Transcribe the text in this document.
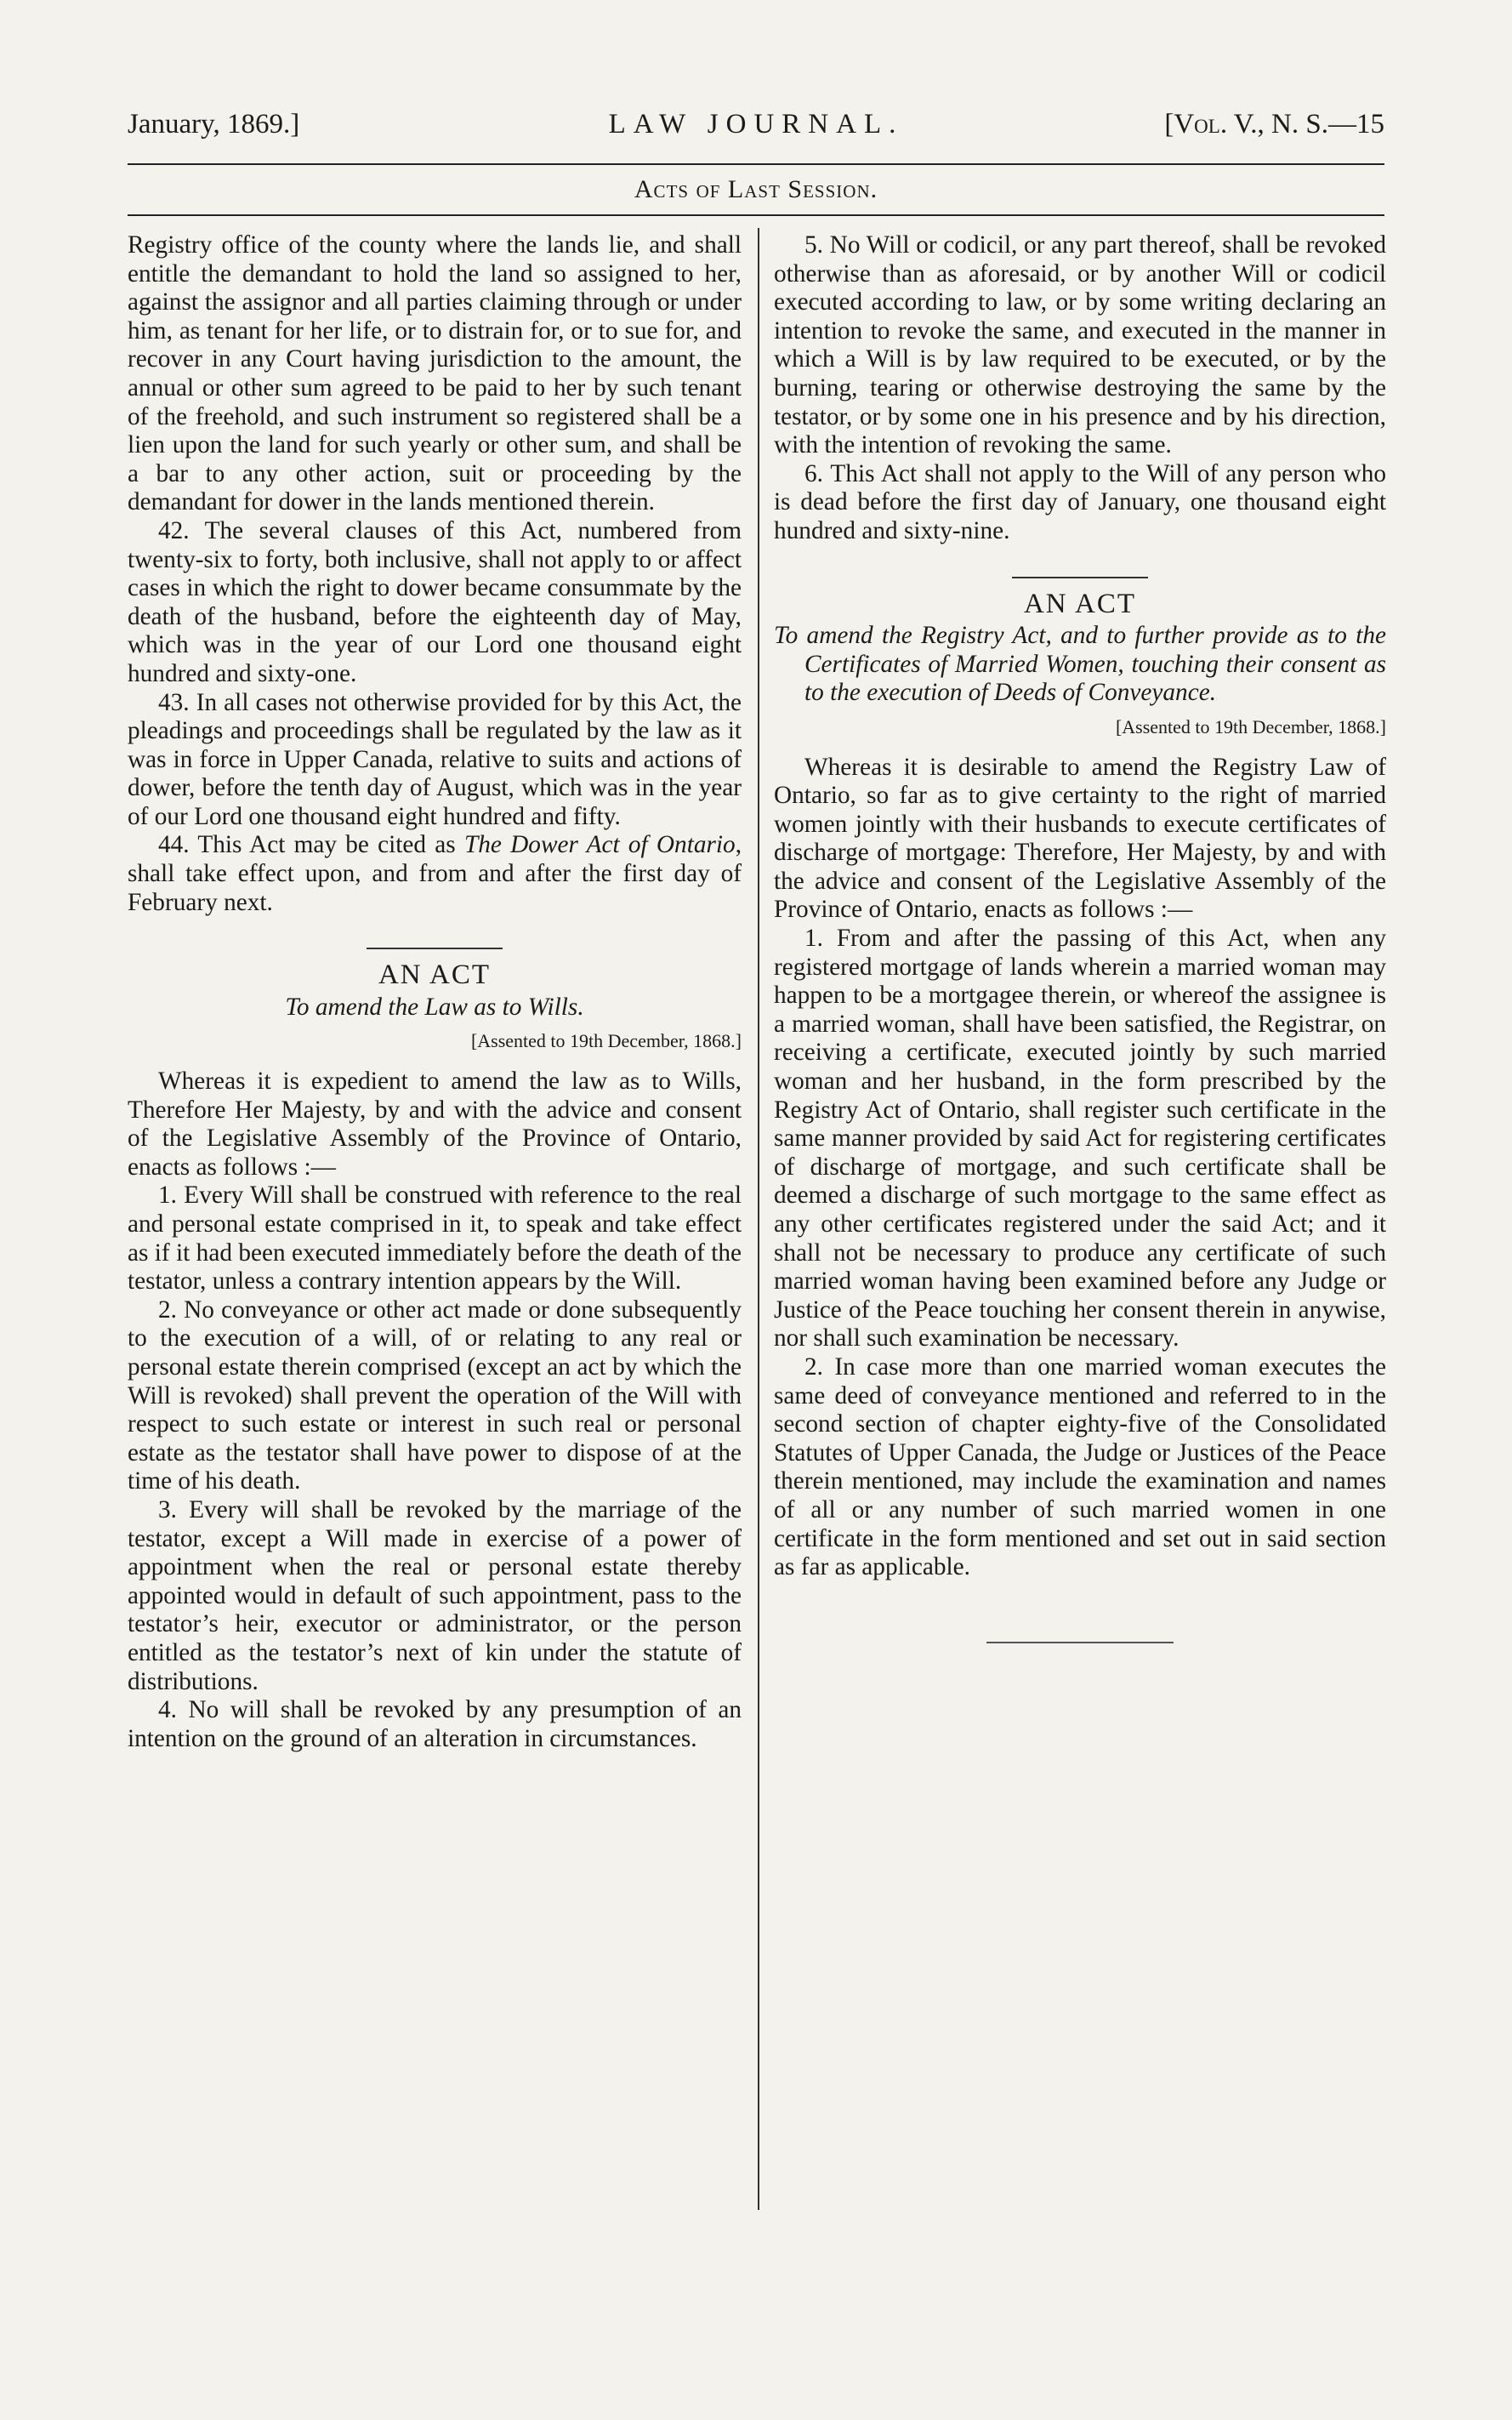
January, 1869.]	LAW JOURNAL.	[Vol. V., N. S.—15
Acts of Last Session.

Registry office of the county where the lands lie, and shall entitle the demandant to hold the land so assigned to her, against the assignor and all parties claiming through or under him, as tenant for her life, or to distrain for, or to sue for, and recover in any Court having jurisdiction to the amount, the annual or other sum agreed to be paid to her by such tenant of the freehold, and such instrument so registered shall be a lien upon the land for such yearly or other sum, and shall be a bar to any other action, suit or proceeding by the demandant for dower in the lands mentioned therein.

42. The several clauses of this Act, numbered from twenty-six to forty, both inclusive, shall not apply to or affect cases in which the right to dower became consummate by the death of the husband, before the eighteenth day of May, which was in the year of our Lord one thousand eight hundred and sixty-one.

43. In all cases not otherwise provided for by this Act, the pleadings and proceedings shall be regulated by the law as it was in force in Upper Canada, relative to suits and actions of dower, before the tenth day of August, which was in the year of our Lord one thousand eight hundred and fifty.

44. This Act may be cited as The Dower Act of Ontario, shall take effect upon, and from and after the first day of February next.

AN ACT
To amend the Law as to Wills.
[Assented to 19th December, 1868.]

Whereas it is expedient to amend the law as to Wills, Therefore Her Majesty, by and with the advice and consent of the Legislative Assembly of the Province of Ontario, enacts as follows :—

1. Every Will shall be construed with reference to the real and personal estate comprised in it, to speak and take effect as if it had been executed immediately before the death of the testator, unless a contrary intention appears by the Will.

2. No conveyance or other act made or done subsequently to the execution of a will, of or relating to any real or personal estate therein comprised (except an act by which the Will is revoked) shall prevent the operation of the Will with respect to such estate or interest in such real or personal estate as the testator shall have power to dispose of at the time of his death.

3. Every will shall be revoked by the marriage of the testator, except a Will made in exercise of a power of appointment when the real or personal estate thereby appointed would in default of such appointment, pass to the testator’s heir, executor or administrator, or the person entitled as the testator’s next of kin under the statute of distributions.

4. No will shall be revoked by any presumption of an intention on the ground of an alteration in circumstances.

5. No Will or codicil, or any part thereof, shall be revoked otherwise than as aforesaid, or by another Will or codicil executed according to law, or by some writing declaring an intention to revoke the same, and executed in the manner in which a Will is by law required to be executed, or by the burning, tearing or otherwise destroying the same by the testator, or by some one in his presence and by his direction, with the intention of revoking the same.

6. This Act shall not apply to the Will of any person who is dead before the first day of January, one thousand eight hundred and sixty-nine.

AN ACT
To amend the Registry Act, and to further provide as to the Certificates of Married Women, touching their consent as to the execution of Deeds of Conveyance.
[Assented to 19th December, 1868.]

Whereas it is desirable to amend the Registry Law of Ontario, so far as to give certainty to the right of married women jointly with their husbands to execute certificates of discharge of mortgage: Therefore, Her Majesty, by and with the advice and consent of the Legislative Assembly of the Province of Ontario, enacts as follows :—

1. From and after the passing of this Act, when any registered mortgage of lands wherein a married woman may happen to be a mortgagee therein, or whereof the assignee is a married woman, shall have been satisfied, the Registrar, on receiving a certificate, executed jointly by such married woman and her husband, in the form prescribed by the Registry Act of Ontario, shall register such certificate in the same manner provided by said Act for registering certificates of discharge of mortgage, and such certificate shall be deemed a discharge of such mortgage to the same effect as any other certificates registered under the said Act; and it shall not be necessary to produce any certificate of such married woman having been examined before any Judge or Justice of the Peace touching her consent therein in anywise, nor shall such examination be necessary.

2. In case more than one married woman executes the same deed of conveyance mentioned and referred to in the second section of chapter eighty-five of the Consolidated Statutes of Upper Canada, the Judge or Justices of the Peace therein mentioned, may include the examination and names of all or any number of such married women in one certificate in the form mentioned and set out in said section as far as applicable.
